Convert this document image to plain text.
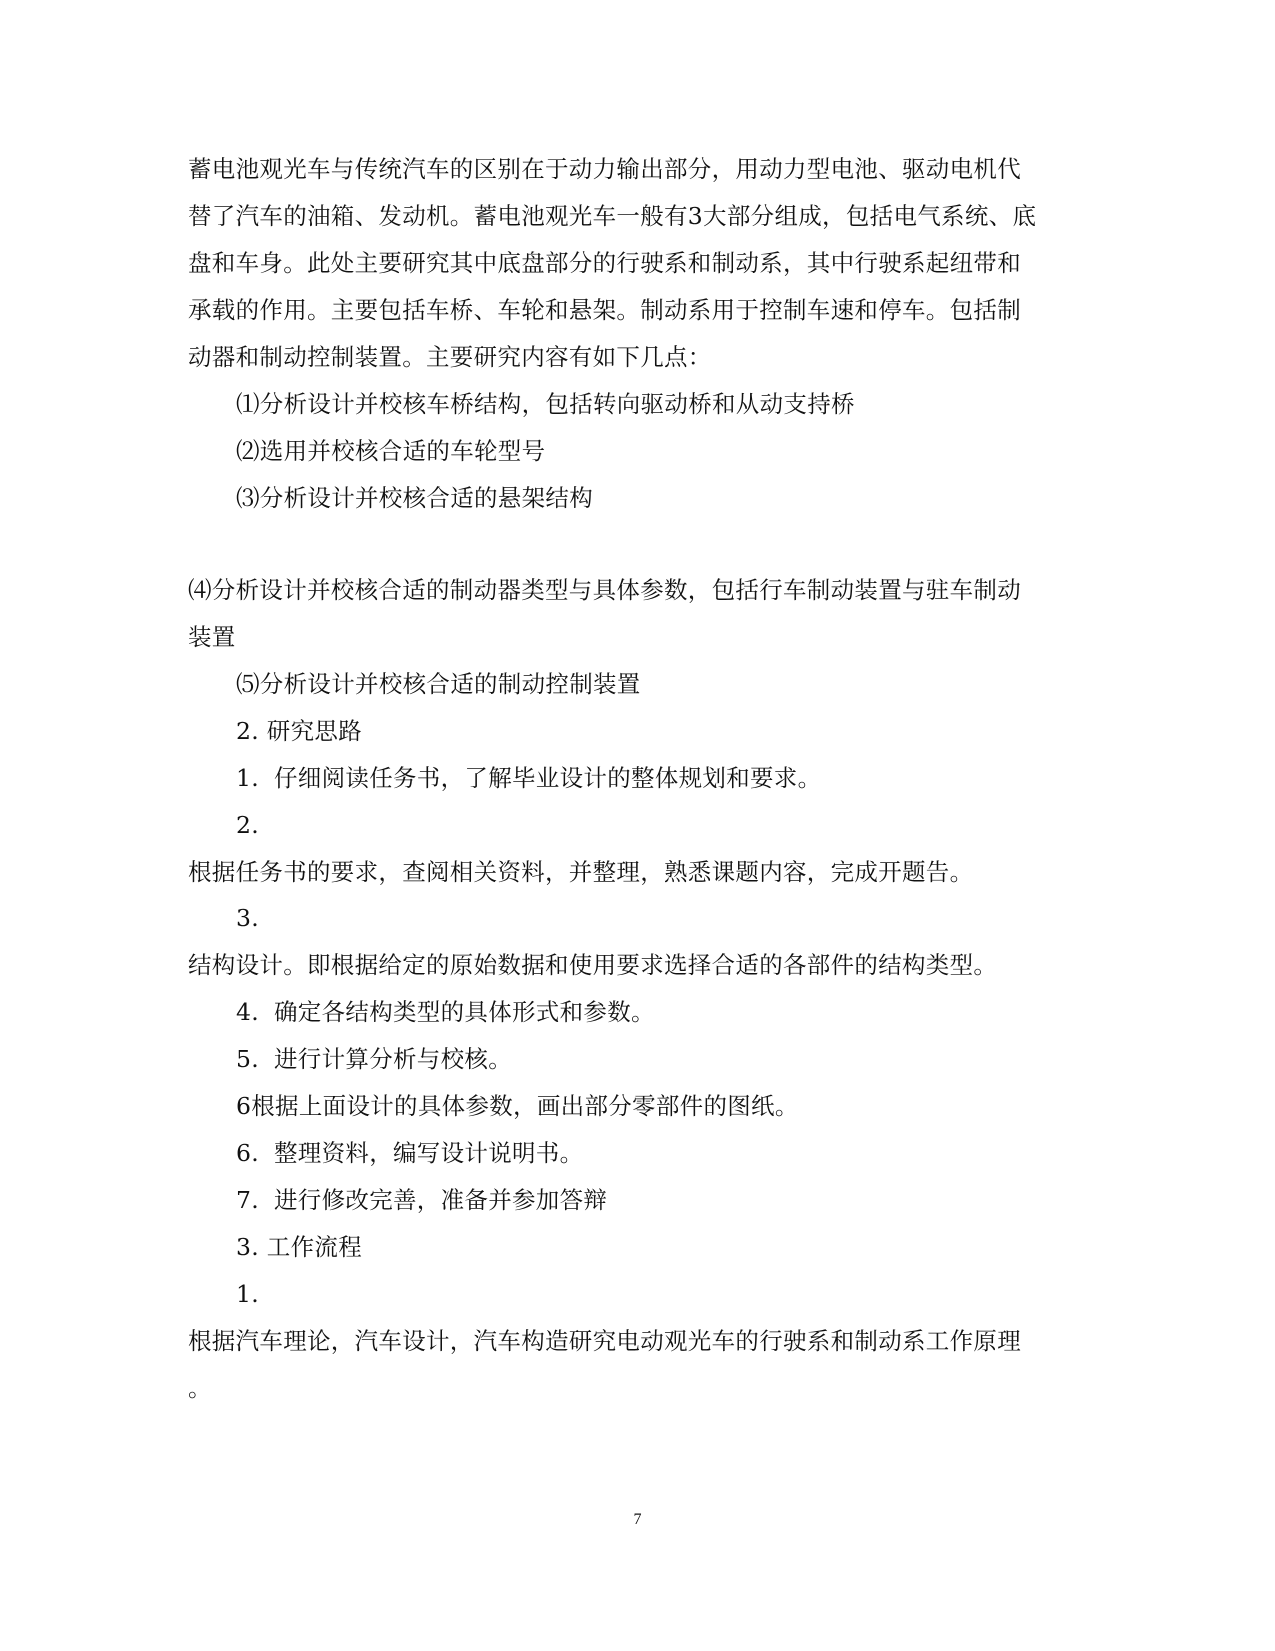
蓄电池观光车与传统汽车的区别在于动力输出部分，用动力型电池、驱动电机代
替了汽车的油箱、发动机。蓄电池观光车一般有3大部分组成，包括电气系统、底
盘和车身。此处主要研究其中底盘部分的行驶系和制动系，其中行驶系起纽带和
承载的作用。主要包括车桥、车轮和悬架。制动系用于控制车速和停车。包括制
动器和制动控制装置。主要研究内容有如下几点：
⑴分析设计并校核车桥结构，包括转向驱动桥和从动支持桥
⑵选用并校核合适的车轮型号
⑶分析设计并校核合适的悬架结构
⑷分析设计并校核合适的制动器类型与具体参数，包括行车制动装置与驻车制动
装置
⑸分析设计并校核合适的制动控制装置
2. 研究思路
1. 仔细阅读任务书，了解毕业设计的整体规划和要求。
2.
根据任务书的要求，查阅相关资料，并整理，熟悉课题内容，完成开题告。
3.
结构设计。即根据给定的原始数据和使用要求选择合适的各部件的结构类型。
4. 确定各结构类型的具体形式和参数。
5. 进行计算分析与校核。
6根据上面设计的具体参数，画出部分零部件的图纸。
6. 整理资料，编写设计说明书。
7. 进行修改完善，准备并参加答辩
3. 工作流程
1.
根据汽车理论，汽车设计，汽车构造研究电动观光车的行驶系和制动系工作原理
。
7
